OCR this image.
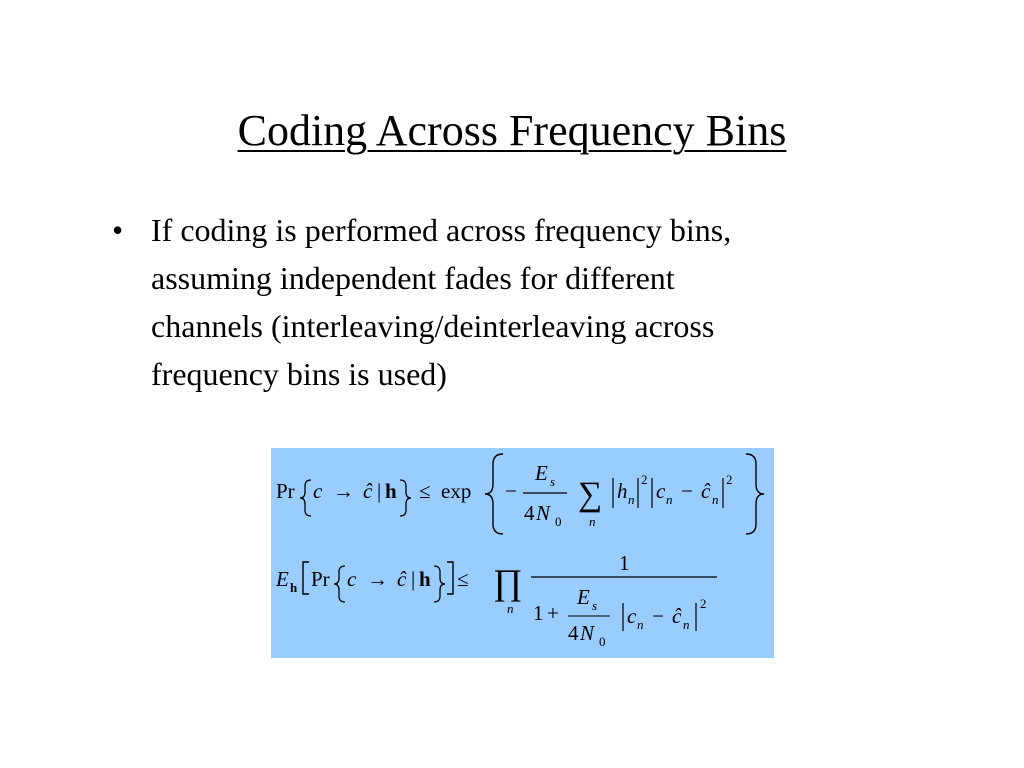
Coding Across Frequency Bins
• If coding is performed across frequency bins,
assuming independent fades for different
channels (interleaving/deinterleaving across
frequency bins is used)
Pr c → ĉ | h ≤ exp −
E s
4 N 0
∑
n
h n
2 c n − ĉ n
2
E h Pr c → ĉ | h ≤ ∏
n
1
1 +
E s
4 N 0
c n − ĉ n
2
